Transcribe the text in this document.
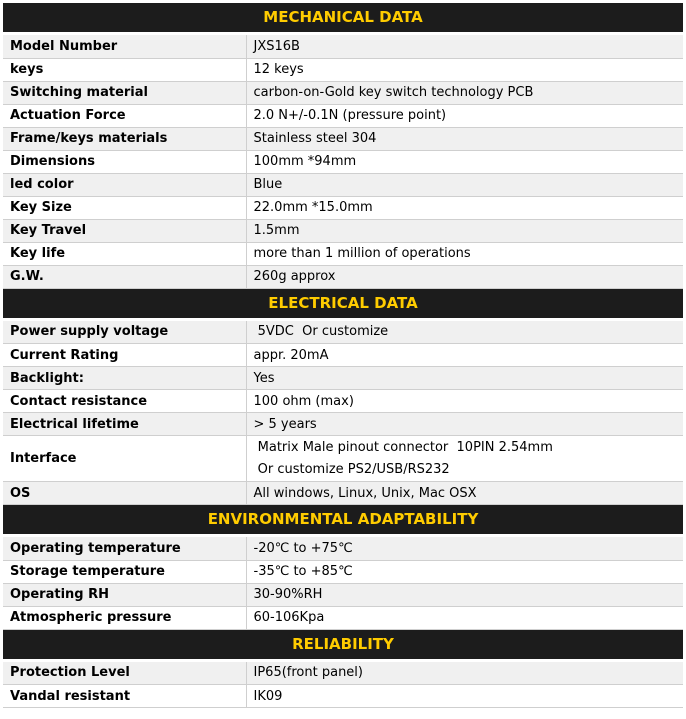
MECHANICAL DATA
Model Number	JXS16B
keys	12 keys
Switching material	carbon-on-Gold key switch technology PCB
Actuation Force	2.0 N+/-0.1N (pressure point)
Frame/keys materials	Stainless steel 304
Dimensions	100mm *94mm
led color	Blue
Key Size	22.0mm *15.0mm
Key Travel	1.5mm
Key life	more than 1 million of operations
G.W.	260g approx
ELECTRICAL DATA
Power supply voltage	5VDC  Or customize
Current Rating	appr. 20mA
Backlight:	Yes
Contact resistance	100 ohm (max)
Electrical lifetime	> 5 years
Interface	Matrix Male pinout connector  10PIN 2.54mm
Or customize PS2/USB/RS232

OS	All windows, Linux, Unix, Mac OSX
ENVIRONMENTAL ADAPTABILITY
Operating temperature	-20℃ to +75℃
Storage temperature	-35℃ to +85℃
Operating RH	30-90%RH
Atmospheric pressure	60-106Kpa
RELIABILITY
Protection Level	IP65(front panel)
Vandal resistant	IK09
